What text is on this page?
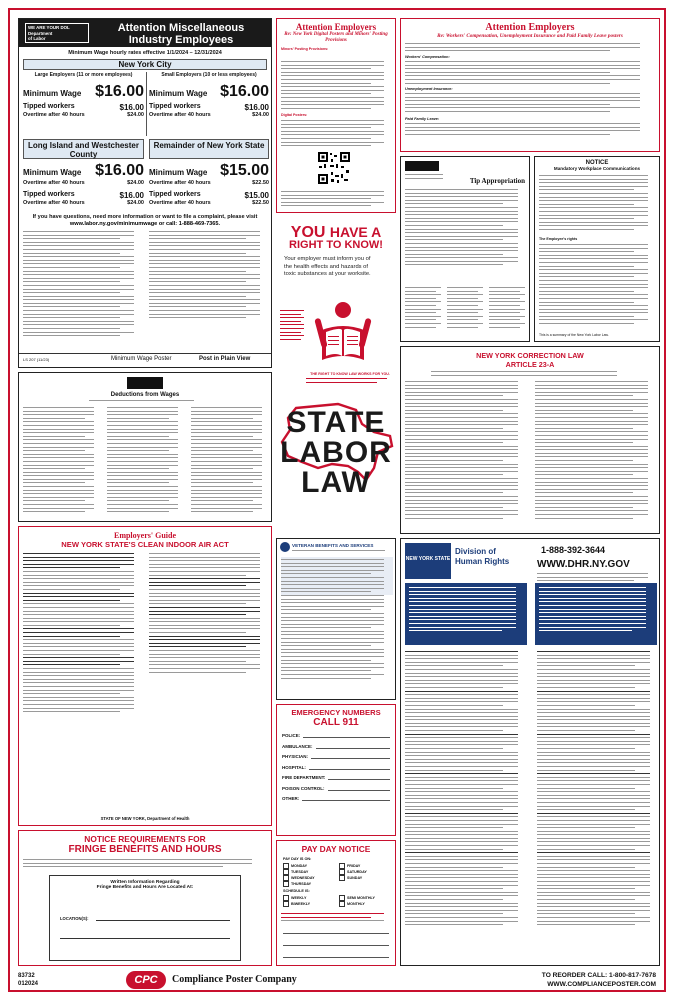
WE ARE YOUR DOL
Department
of Labor
Attention Miscellaneous
Industry Employees
Minimum Wage hourly rates effective 1/1/2024 – 12/31/2024
New York City
Large Employers (11 or more employees)
Minimum Wage $16.00
Tipped workers	$16.00
Overtime after 40 hours	$24.00
Small Employers (10 or less employees)
Minimum Wage $16.00
Tipped workers	$16.00
Overtime after 40 hours	$24.00
Long Island and Westchester County
Minimum Wage $16.00
Overtime after 40 hours	$24.00
Tipped workers	$16.00
Overtime after 40 hours	$24.00
Remainder of New York State
Minimum Wage $15.00
Overtime after 40 hours	$22.50
Tipped workers	$15.00
Overtime after 40 hours	$22.50
If you have questions, need more information or want to file a complaint, please visit
www.labor.ny.gov/minimumwage or call: 1-888-469-7365.
LS 207 (11/23)	Minimum Wage Poster	Post in Plain View
Attention Employers
Re: New York Digital Posters and Minors' Posting Provisions
Minors' Posting Provisions:
Digital Posters:
Attention Employers
Re: Workers' Compensation, Unemployment Insurance and Paid Family Leave posters
Workers' Compensation:
Unemployment Insurance:
Paid Family Leave:
YOU HAVE A
RIGHT TO KNOW!
Your employer must inform you of the health effects and hazards of toxic substances at your worksite.
THE RIGHT TO KNOW LAW WORKS FOR YOU.
Tip Appropriation
NOTICE
Mandatory Workplace Communications
The Employee's rights
This is a summary of the New York Labor Law.
Deductions from Wages
STATE
LABOR
LAW
NEW YORK CORRECTION LAW
ARTICLE 23-A
Employers' Guide
NEW YORK STATE'S CLEAN INDOOR AIR ACT
STATE OF NEW YORK, Department of Health
NOTICE REQUIREMENTS FOR
FRINGE BENEFITS AND HOURS
Written Information Regarding
Fringe Benefits and Hours Are Located At:
LOCATION(S):
VETERAN BENEFITS AND SERVICES
EMERGENCY NUMBERS
CALL 911
POLICE:
AMBULANCE:
PHYSICIAN:
HOSPITAL:
FIRE DEPARTMENT:
POISON CONTROL:
OTHER:
PAY DAY NOTICE
PAY DAY IS ON:
MONDAY
TUESDAY
WEDNESDAY
THURSDAY
FRIDAY
SATURDAY
SUNDAY
SCHEDULE IS:
WEEKLY
BIWEEKLY
SEMI MONTHLY
MONTHLY
NEW YORK STATE
Division of
Human Rights
1-888-392-3644
WWW.DHR.NY.GOV
83732
012024	CPC	Compliance Poster Company	TO REORDER CALL: 1-800-817-7678
WWW.COMPLIANCEPOSTER.COM
